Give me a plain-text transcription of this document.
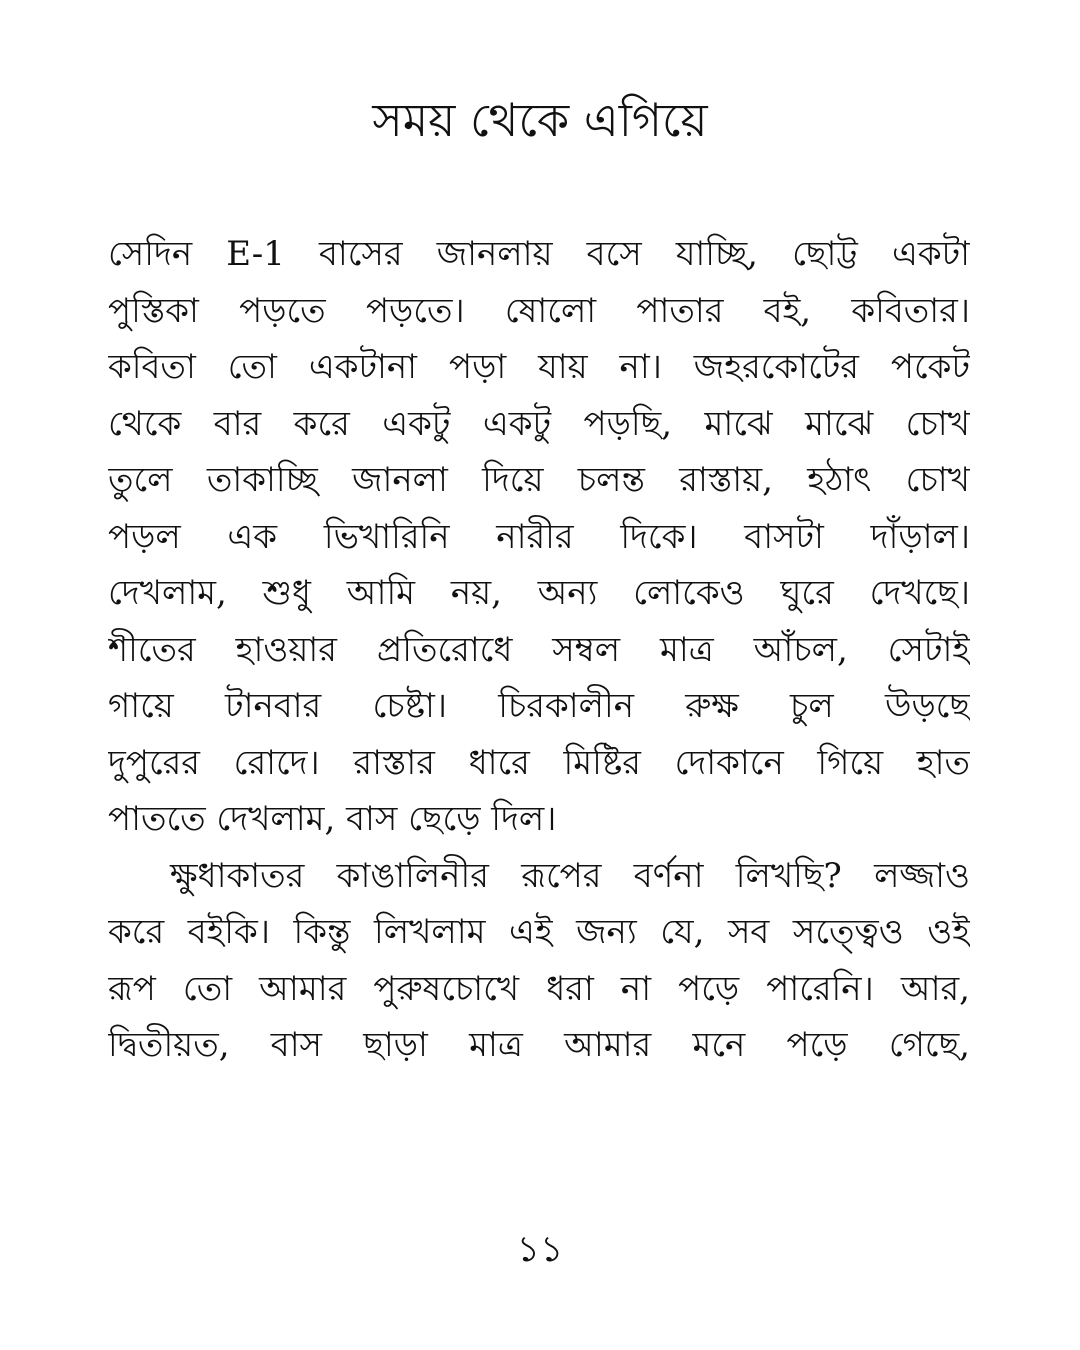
সময় থেকে এগিয়ে
সেদিন E-1 বাসের জানলায় বসে যাচ্ছি, ছোট্ট একটা
পুস্তিকা পড়তে পড়তে। ষোলো পাতার বই, কবিতার।
কবিতা তো একটানা পড়া যায় না। জহরকোটের পকেট
থেকে বার করে একটু একটু পড়ছি, মাঝে মাঝে চোখ
তুলে তাকাচ্ছি জানলা দিয়ে চলন্ত রাস্তায়, হঠাৎ চোখ
পড়ল এক ভিখারিনি নারীর দিকে। বাসটা দাঁড়াল।
দেখলাম, শুধু আমি নয়, অন্য লোকেও ঘুরে দেখছে।
শীতের হাওয়ার প্রতিরোধে সম্বল মাত্র আঁচল, সেটাই
গায়ে টানবার চেষ্টা। চিরকালীন রুক্ষ চুল উড়ছে
দুপুরের রোদে। রাস্তার ধারে মিষ্টির দোকানে গিয়ে হাত
পাততে দেখলাম, বাস ছেড়ে দিল।
ক্ষুধাকাতর কাঙালিনীর রূপের বর্ণনা লিখছি? লজ্জাও
করে বইকি। কিন্তু লিখলাম এই জন্য যে, সব সত্ত্বেও ওই
রূপ তো আমার পুরুষচোখে ধরা না পড়ে পারেনি। আর,
দ্বিতীয়ত, বাস ছাড়া মাত্র আমার মনে পড়ে গেছে,
১১
